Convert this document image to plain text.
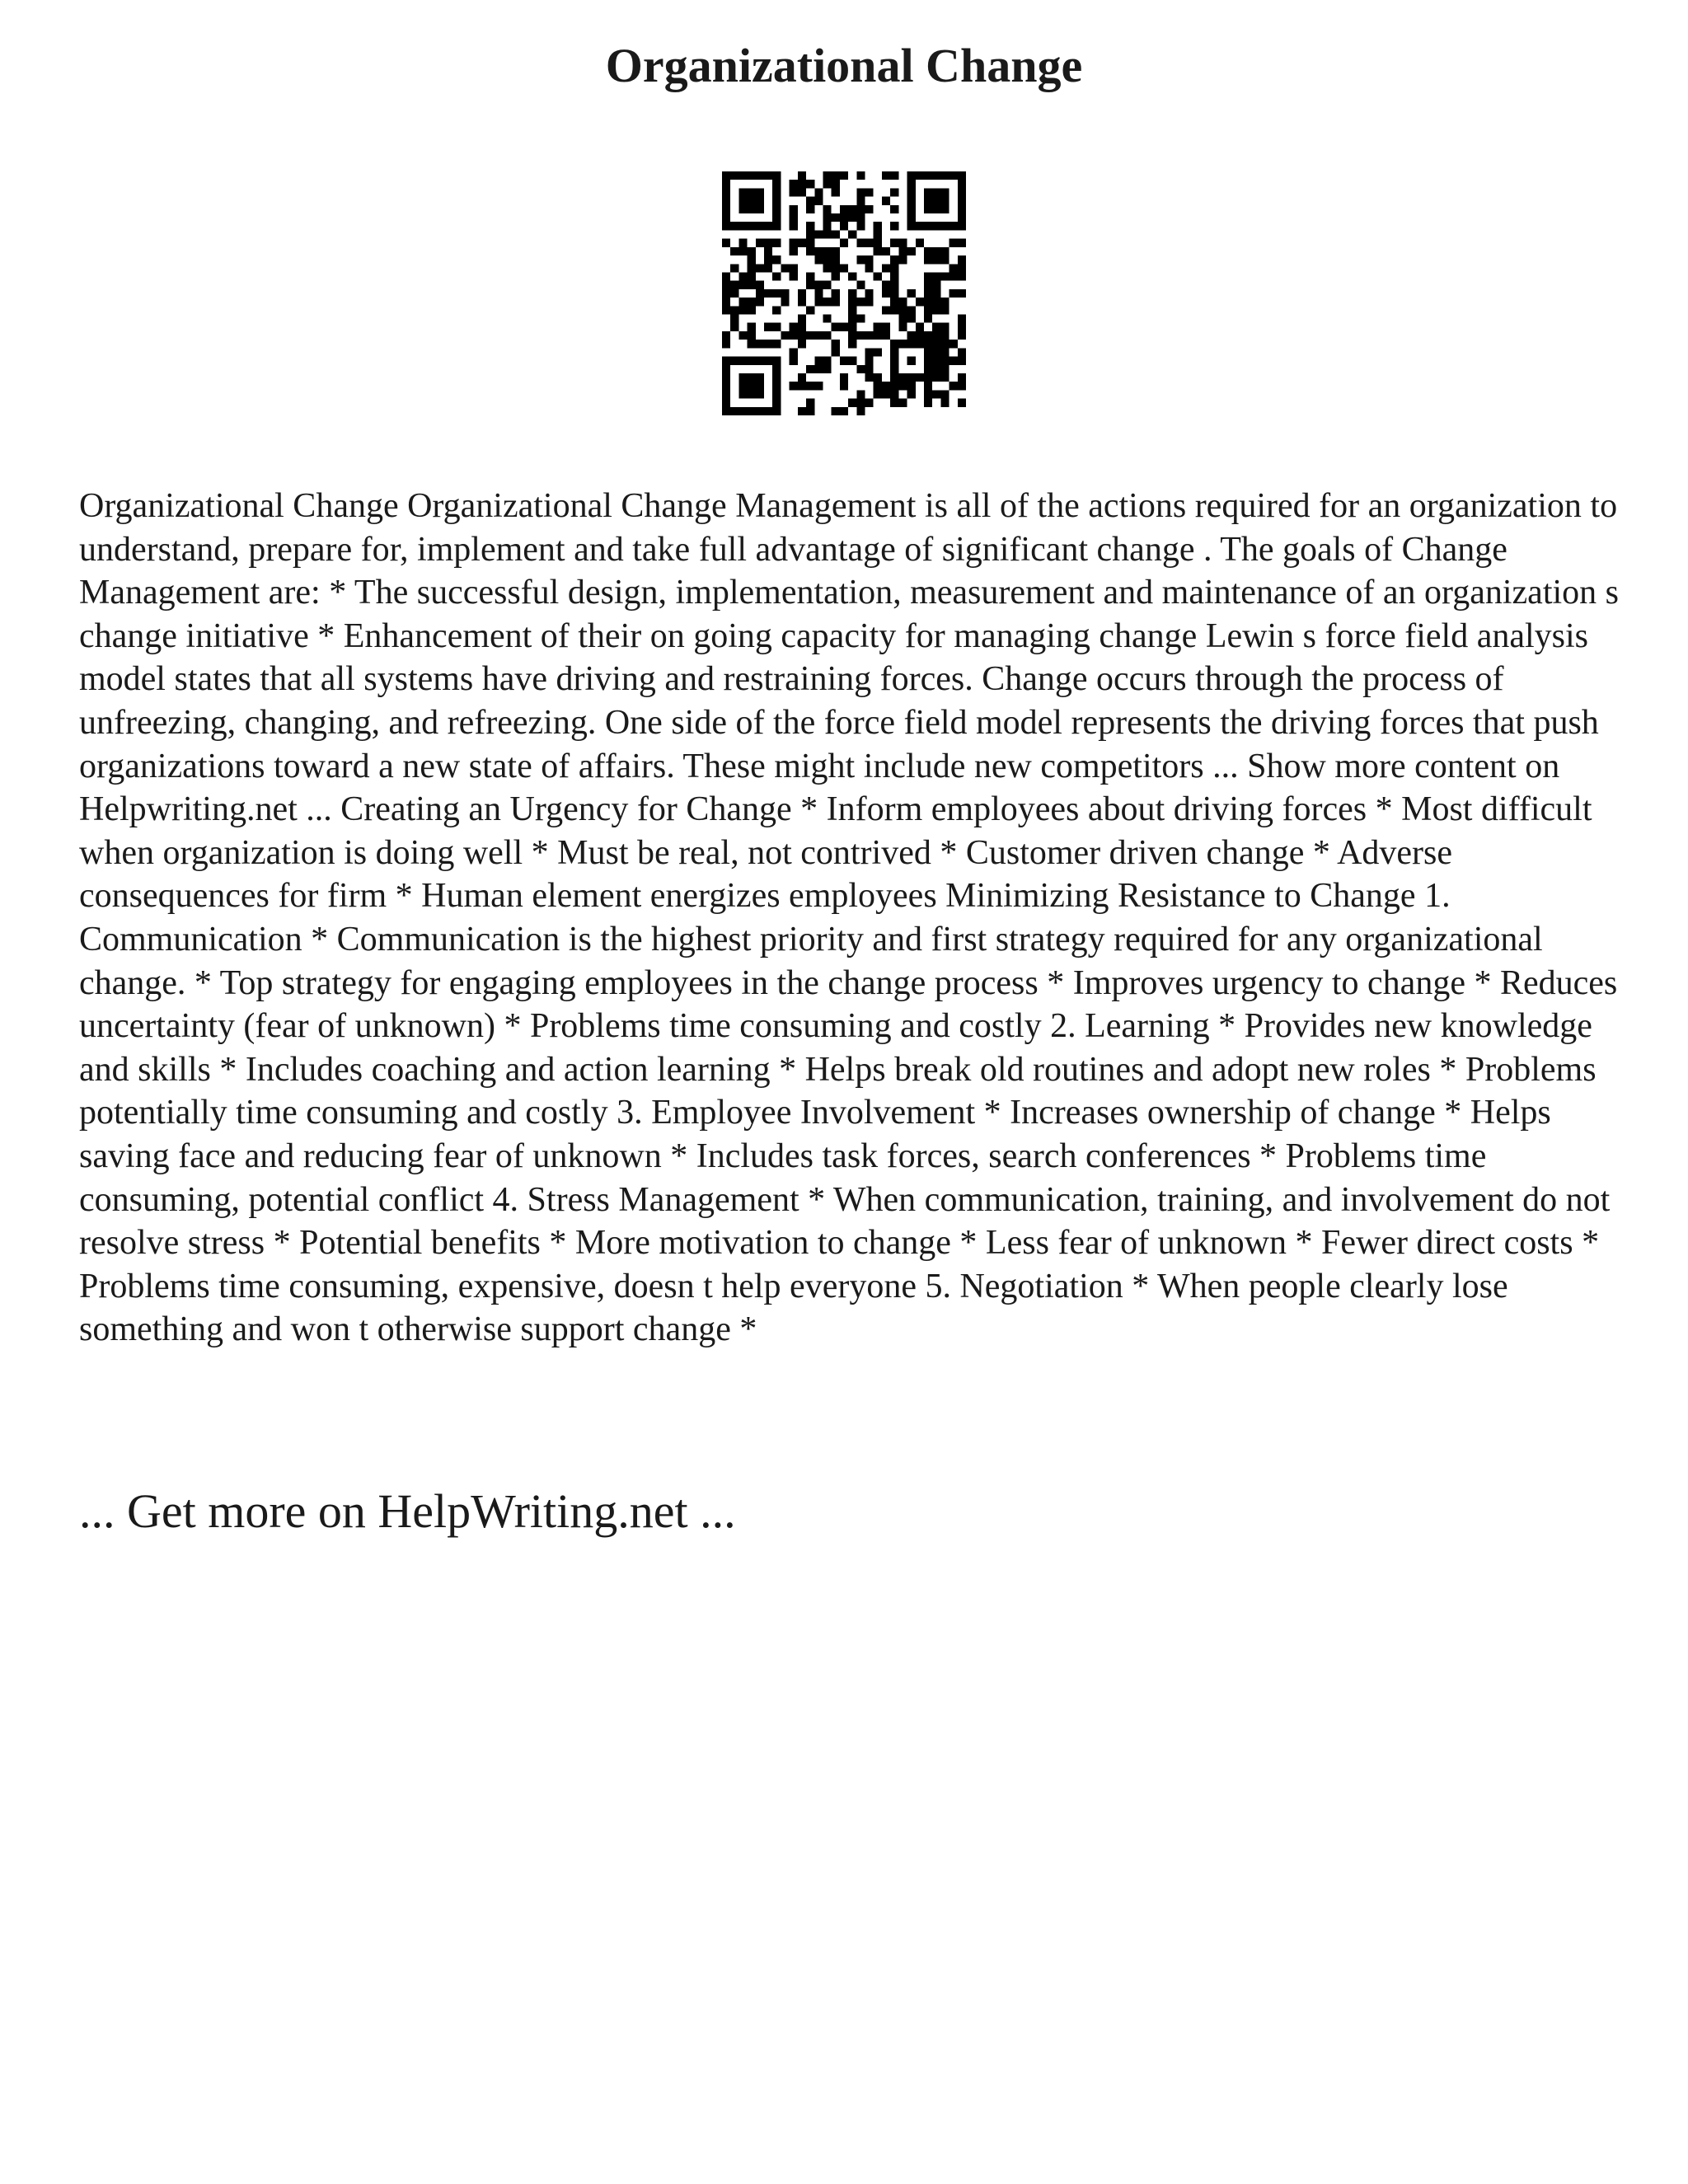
Organizational Change

Organizational Change Organizational Change Management is all of the actions required for an organization to understand, prepare for, implement and take full advantage of significant change . The goals of Change Management are: * The successful design, implementation, measurement and maintenance of an organization s change initiative * Enhancement of their on going capacity for managing change Lewin s force field analysis model states that all systems have driving and restraining forces. Change occurs through the process of unfreezing, changing, and refreezing. One side of the force field model represents the driving forces that push organizations toward a new state of affairs. These might include new competitors ... Show more content on Helpwriting.net ... Creating an Urgency for Change * Inform employees about driving forces * Most difficult when organization is doing well * Must be real, not contrived * Customer driven change * Adverse consequences for firm * Human element energizes employees Minimizing Resistance to Change 1. Communication * Communication is the highest priority and first strategy required for any organizational change. * Top strategy for engaging employees in the change process * Improves urgency to change * Reduces uncertainty (fear of unknown) * Problems time consuming and costly 2. Learning * Provides new knowledge and skills * Includes coaching and action learning * Helps break old routines and adopt new roles * Problems potentially time consuming and costly 3. Employee Involvement * Increases ownership of change * Helps saving face and reducing fear of unknown * Includes task forces, search conferences * Problems time consuming, potential conflict 4. Stress Management * When communication, training, and involvement do not resolve stress * Potential benefits * More motivation to change * Less fear of unknown * Fewer direct costs * Problems time consuming, expensive, doesn t help everyone 5. Negotiation * When people clearly lose something and won t otherwise support change *

... Get more on HelpWriting.net ...
